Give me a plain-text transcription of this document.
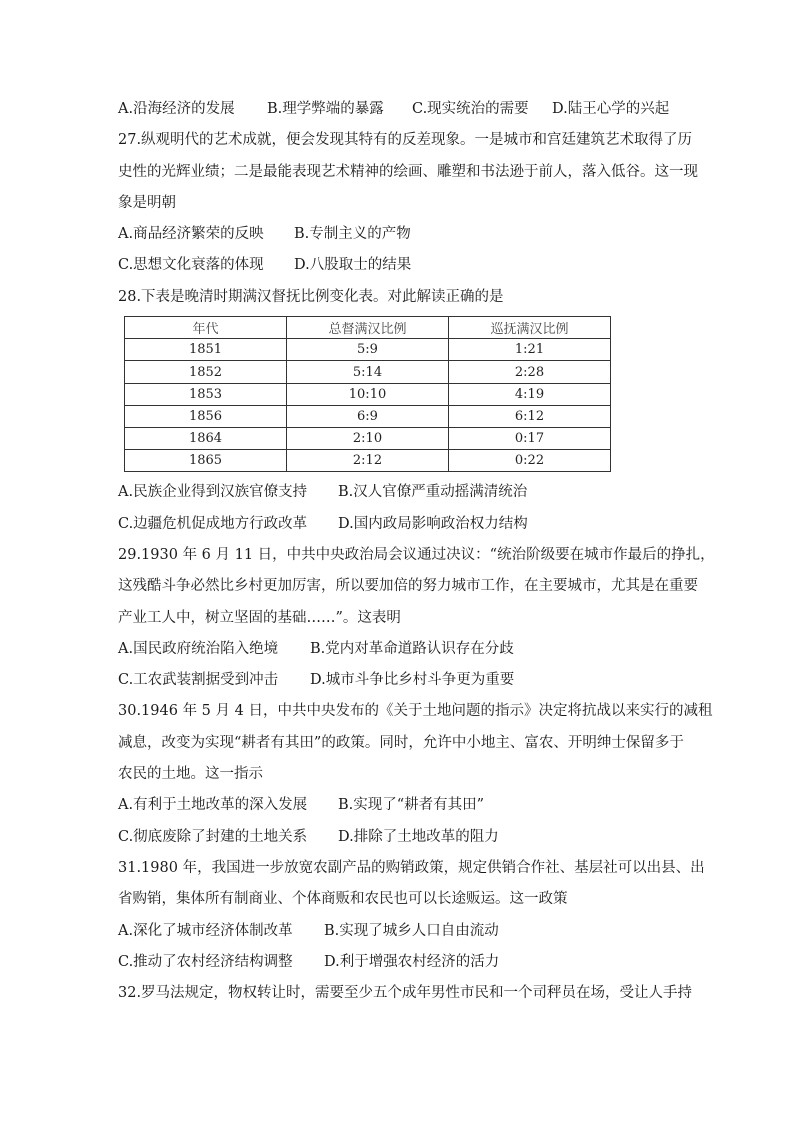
A.沿海经济的发展	B.理学弊端的暴露	C.现实统治的需要	D.陆王心学的兴起
27.纵观明代的艺术成就，便会发现其特有的反差现象。一是城市和宫廷建筑艺术取得了历
史性的光辉业绩；二是最能表现艺术精神的绘画、雕塑和书法逊于前人，落入低谷。这一现
象是明朝
A.商品经济繁荣的反映	B.专制主义的产物
C.思想文化衰落的体现	D.八股取士的结果
28.下表是晚清时期满汉督抚比例变化表。对此解读正确的是
年代	总督满汉比例	巡抚满汉比例
1851	5:9	1:21
1852	5:14	2:28
1853	10:10	4:19
1856	6:9	6:12
1864	2:10	0:17
1865	2:12	0:22
A.民族企业得到汉族官僚支持	B.汉人官僚严重动摇满清统治
C.边疆危机促成地方行政改革	D.国内政局影响政治权力结构
29.1930 年 6 月 11 日，中共中央政治局会议通过决议：“统治阶级要在城市作最后的挣扎，
这残酷斗争必然比乡村更加厉害，所以要加倍的努力城市工作，在主要城市，尤其是在重要
产业工人中，树立坚固的基础……”。这表明
A.国民政府统治陷入绝境	B.党内对革命道路认识存在分歧
C.工农武装割据受到冲击	D.城市斗争比乡村斗争更为重要
30.1946 年 5 月 4 日，中共中央发布的《关于土地问题的指示》决定将抗战以来实行的减租
减息，改变为实现“耕者有其田”的政策。同时，允许中小地主、富农、开明绅士保留多于
农民的土地。这一指示
A.有利于土地改革的深入发展	B.实现了“耕者有其田”
C.彻底废除了封建的土地关系	D.排除了土地改革的阻力
31.1980 年，我国进一步放宽农副产品的购销政策，规定供销合作社、基层社可以出县、出
省购销，集体所有制商业、个体商贩和农民也可以长途贩运。这一政策
A.深化了城市经济体制改革	B.实现了城乡人口自由流动
C.推动了农村经济结构调整	D.利于增强农村经济的活力
32.罗马法规定，物权转让时，需要至少五个成年男性市民和一个司秤员在场，受让人手持
